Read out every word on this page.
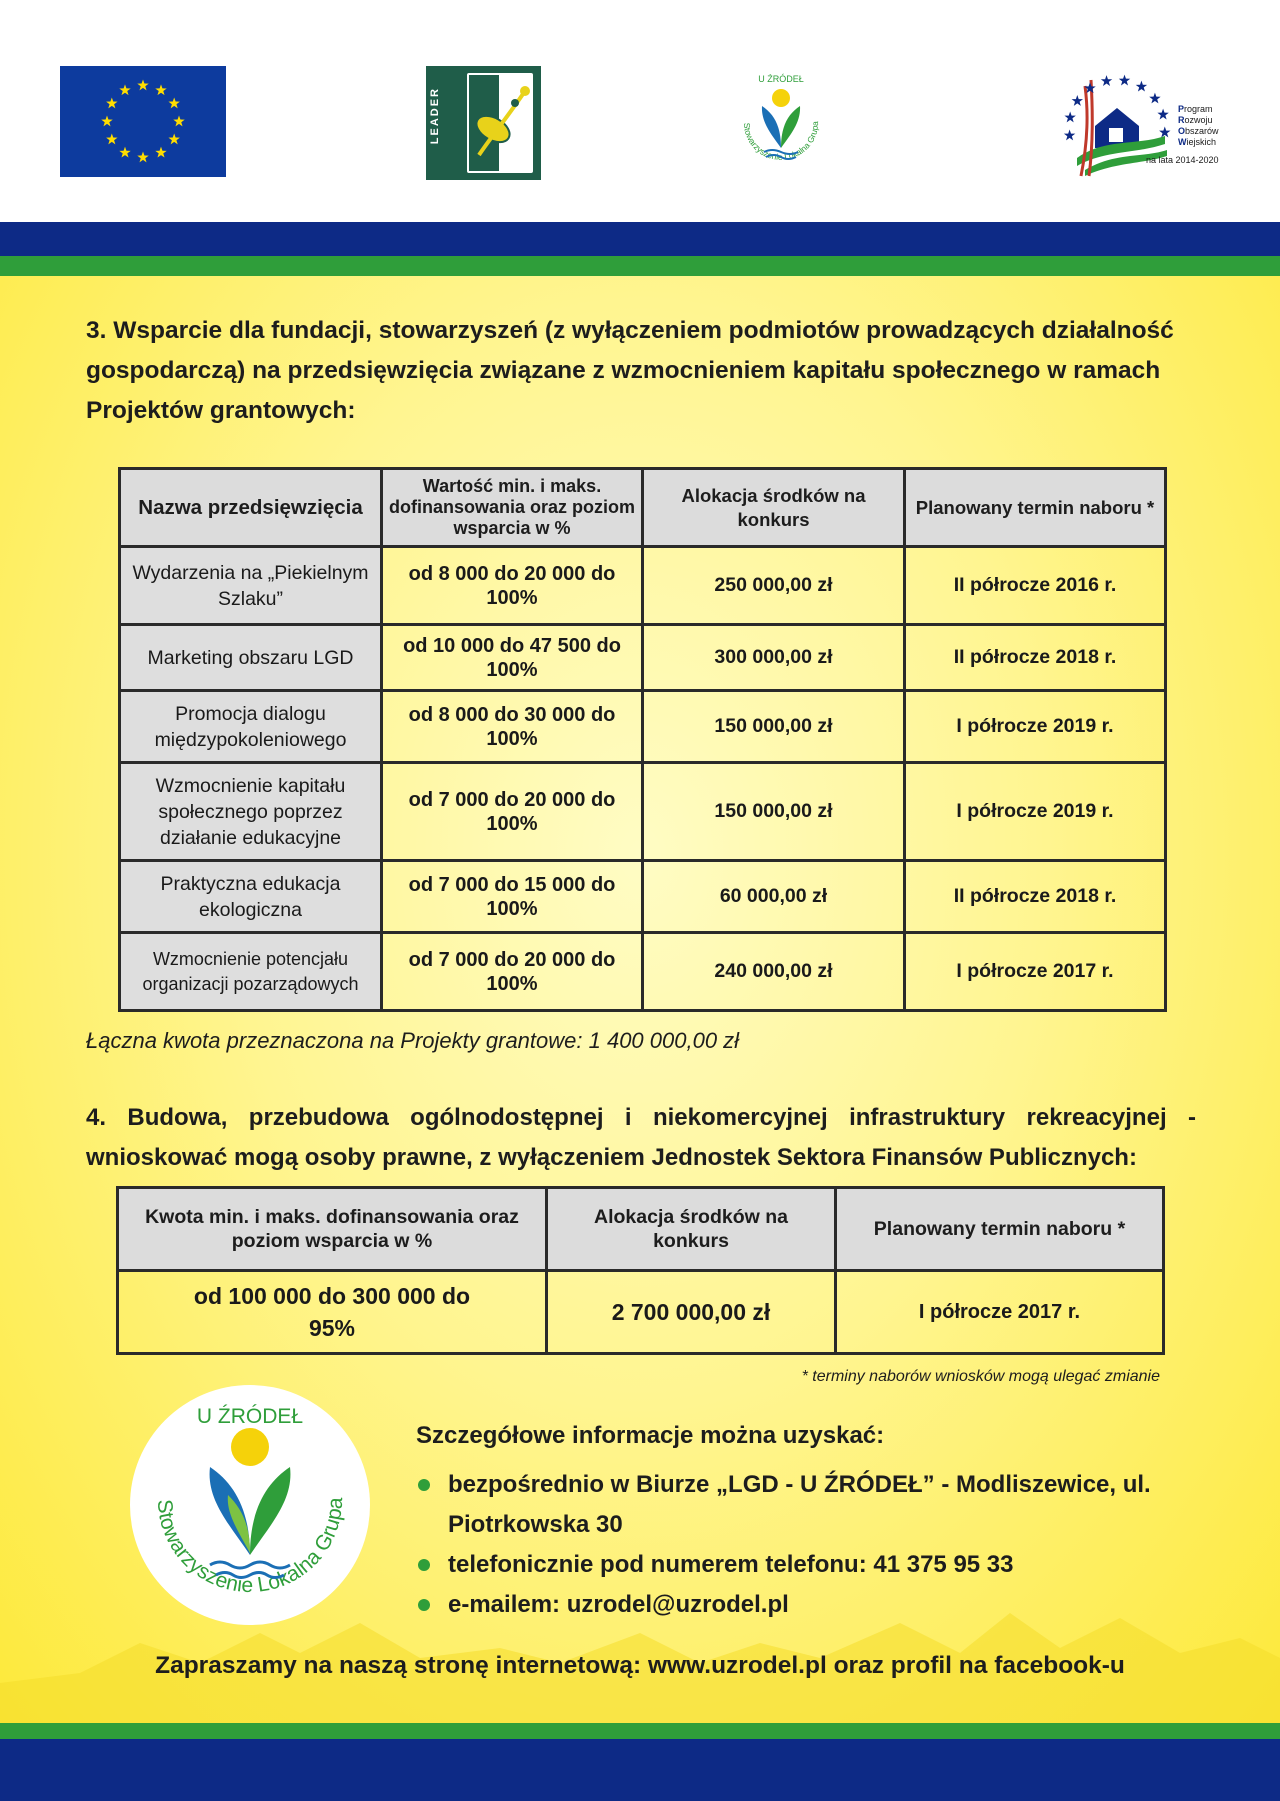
LEADER	Stowarzyszenie Lokalna Grupa
U ŹRÓDEŁ
Program
Rozwoju
Obszarów
Wiejskich
na lata 2014-2020
3. Wsparcie dla fundacji, stowarzyszeń (z wyłączeniem podmiotów prowadzących działalność gospodarczą) na przedsięwzięcia związane z wzmocnieniem kapitału społecznego w ramach Projektów grantowych:
Nazwa przedsięwzięcia	Wartość min. i maks. dofinansowania oraz poziom wsparcia w %	Alokacja środków na konkurs	Planowany termin naboru *
Wydarzenia na „Piekielnym Szlaku”	od 8 000 do 20 000 do 100%	250 000,00 zł	II półrocze 2016 r.
Marketing obszaru LGD	od 10 000 do 47 500 do 100%	300 000,00 zł	II półrocze 2018 r.
Promocja dialogu międzypokoleniowego	od 8 000 do 30 000 do 100%	150 000,00 zł	I półrocze 2019 r.
Wzmocnienie kapitału społecznego poprzez działanie edukacyjne	od 7 000 do 20 000 do 100%	150 000,00 zł	I półrocze 2019 r.
Praktyczna edukacja ekologiczna	od 7 000 do 15 000 do 100%	60 000,00 zł	II półrocze 2018 r.
Wzmocnienie potencjału organizacji pozarządowych	od 7 000 do 20 000 do 100%	240 000,00 zł	I półrocze 2017 r.
Łączna kwota przeznaczona na Projekty grantowe: 1 400 000,00 zł
4. Budowa, przebudowa ogólnodostępnej i niekomercyjnej infrastruktury rekreacyjnej - wnioskować mogą osoby prawne, z wyłączeniem Jednostek Sektora Finansów Publicznych:
Kwota min. i maks. dofinansowania oraz poziom wsparcia w %	Alokacja środków na konkurs	Planowany termin naboru *
od 100 000 do 300 000 do 95%	2 700 000,00 zł	I półrocze 2017 r.
* terminy naborów wniosków mogą ulegać zmianie
Stowarzyszenie Lokalna Grupa
U ŹRÓDEŁ
Szczegółowe informacje można uzyskać:
bezpośrednio w Biurze „LGD - U ŹRÓDEŁ” - Modliszewice, ul. Piotrkowska 30
telefonicznie pod numerem telefonu: 41 375 95 33
e-mailem: uzrodel@uzrodel.pl
Zapraszamy na naszą stronę internetową: www.uzrodel.pl oraz profil na facebook-u
